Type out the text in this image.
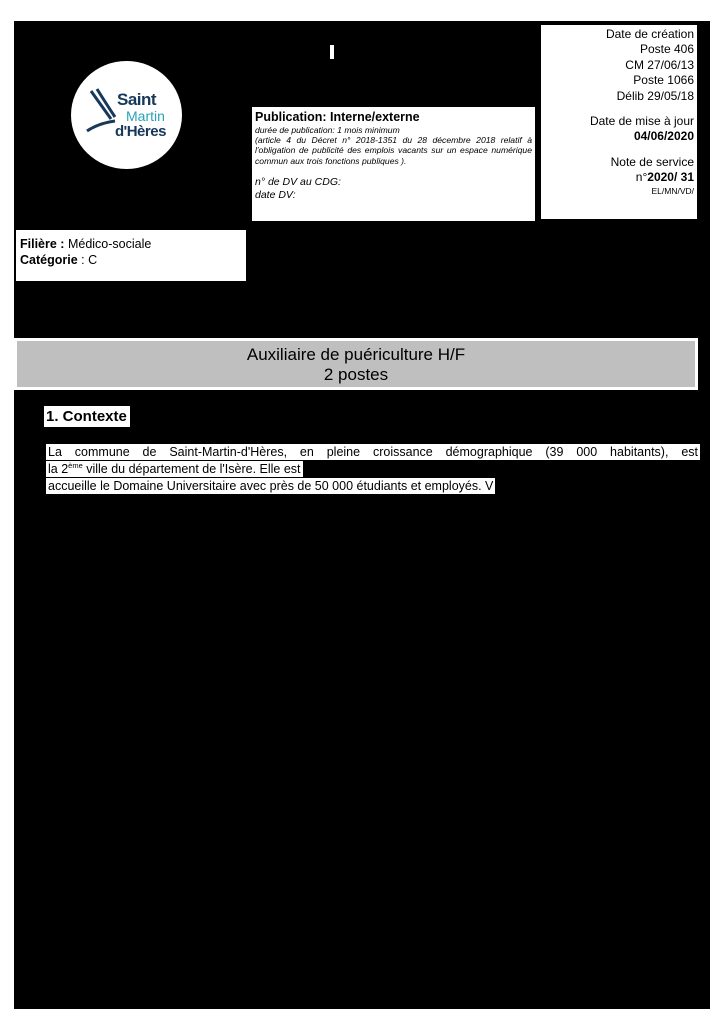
Saint
Martin
d'Hères
Publication: Interne/externe
durée de publication: 1 mois minimum
(article 4 du Décret n° 2018-1351 du 28 décembre 2018 relatif à l'obligation de publicité des emplois vacants sur un espace numérique commun aux trois fonctions publiques ).
n° de DV au CDG:
date DV:
Date de création
Poste 406
CM 27/06/13
Poste 1066
Délib 29/05/18
Date de mise à jour
04/06/2020
Note de service
n°2020/ 31
EL/MN/VD/
Filière : Médico-sociale
Catégorie : C
Auxiliaire de puériculture H/F
2 postes
1. Contexte
La commune de Saint-Martin-d'Hères, en pleine croissance démographique (39 000 habitants), est
la 2ème ville du département de l'Isère. Elle est
accueille le Domaine Universitaire avec près de 50 000 étudiants et employés. V
